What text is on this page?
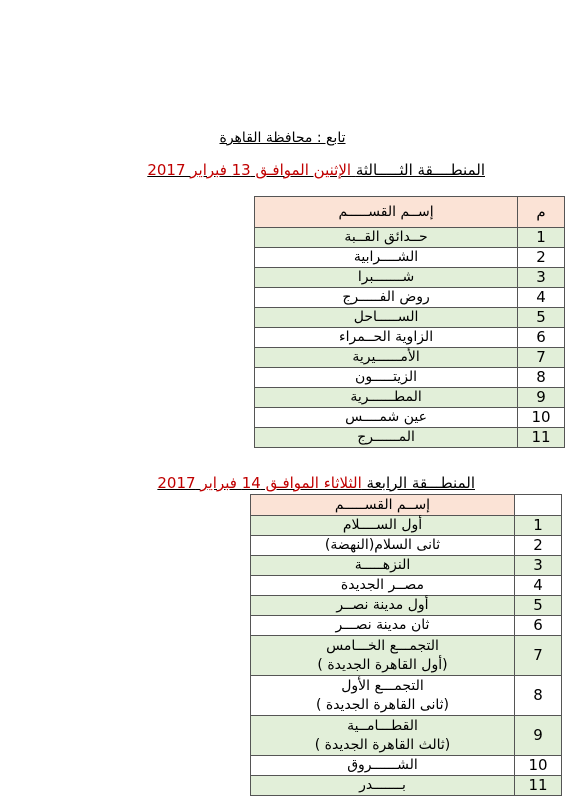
تابع : محافظة القاهرة
المنطــــقة الثـــــالثة الإثنين الموافـق 13 فبراير 2017
م	إســم القســـــم
1	حــدائق القــبة
2	الشــــرابية
3	شـــــــبرا
4	روض الفـــــرج
5	الســـــاحل
6	الزاوية الحــمراء
7	الأمــــــيرية
8	الزيتـــــون
9	المطــــــرية
10	عين شمــــس
11	المــــــرج
المنطـــقة الرابعة الثلاثاء الموافـق 14 فبراير 2017
	إســم القســـــم
1	أول الســــلام
2	ثانى السلام(النهضة)
3	النزهـــــة
4	مصــر الجديدة
5	أول مدينة نصــر
6	ثان مدينة نصـــر
7	التجمـــع الخـــامس
(أول القاهرة الجديدة )

8	التجمـــع الأول
(ثانى القاهرة الجديدة )

9	القطـــامــية
(ثالث القاهرة الجديدة )

10	الشــــــروق
11	بـــــــدر
